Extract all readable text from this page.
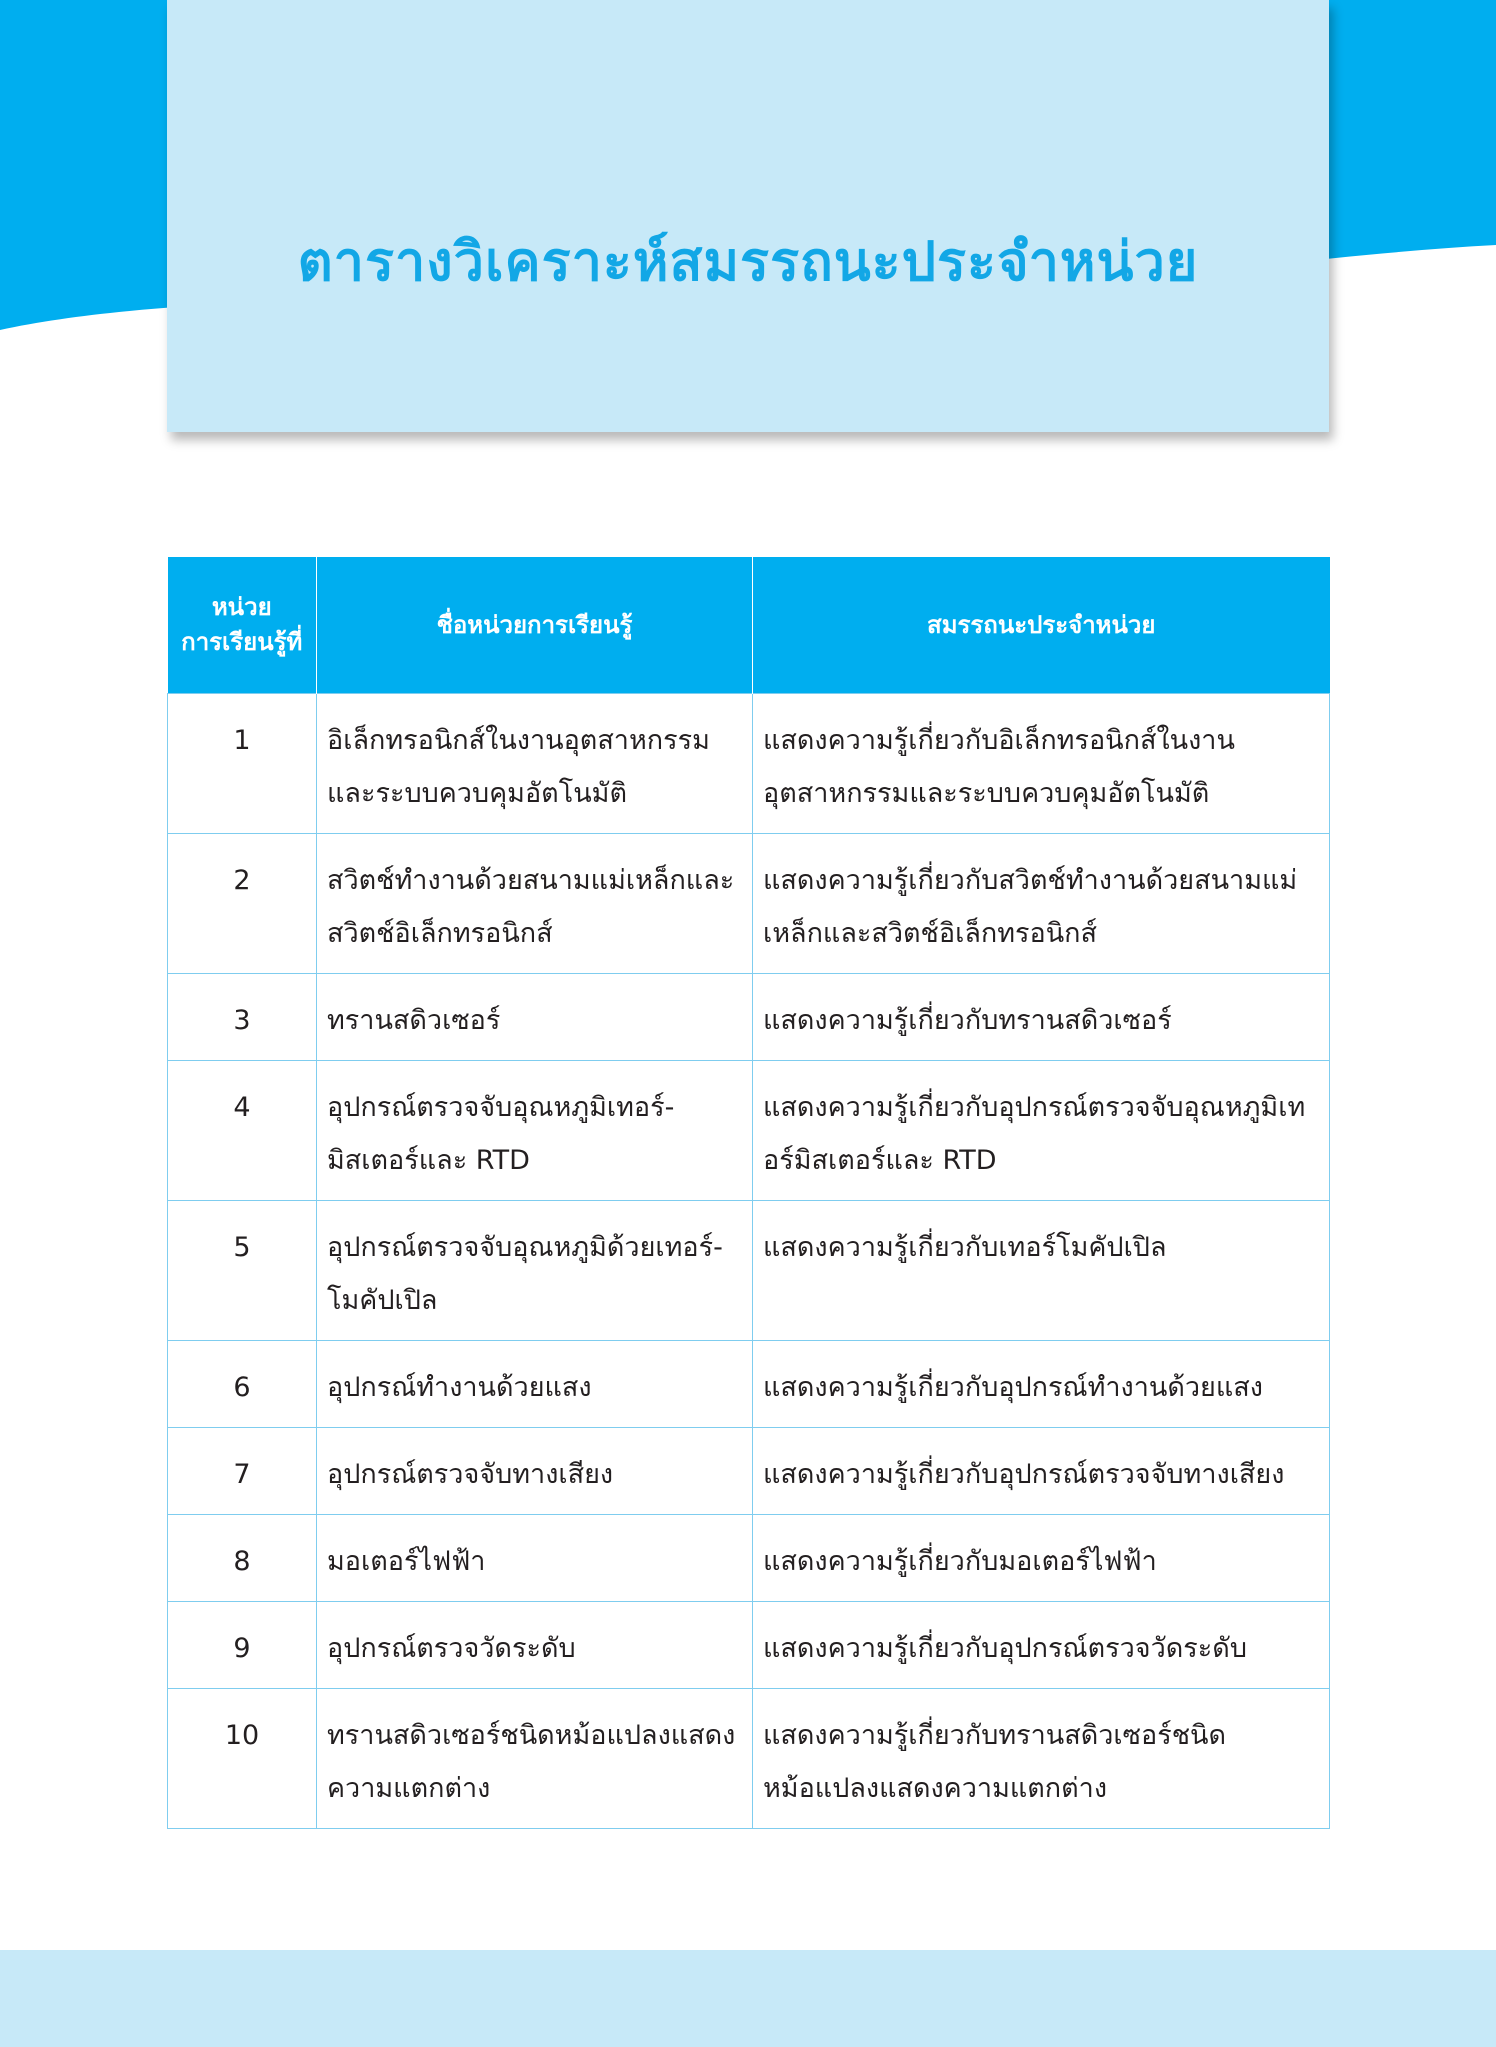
ตารางวิเคราะห์สมรรถนะประจำหน่วย
หน่วย
การเรียนรู้ที่	ชื่อหน่วยการเรียนรู้	สมรรถนะประจำหน่วย
1	อิเล็กทรอนิกส์ในงานอุตสาหกรรมและระบบควบคุมอัตโนมัติ	แสดงความรู้เกี่ยวกับอิเล็กทรอนิกส์ในงานอุตสาหกรรมและระบบควบคุมอัตโนมัติ
2	สวิตช์ทำงานด้วยสนามแม่เหล็กและสวิตช์อิเล็กทรอนิกส์	แสดงความรู้เกี่ยวกับสวิตช์ทำงานด้วยสนามแม่เหล็กและสวิตช์อิเล็กทรอนิกส์
3	ทรานสดิวเซอร์	แสดงความรู้เกี่ยวกับทรานสดิวเซอร์
4	อุปกรณ์ตรวจจับอุณหภูมิเทอร์-มิสเตอร์และ RTD	แสดงความรู้เกี่ยวกับอุปกรณ์ตรวจจับอุณหภูมิเทอร์มิสเตอร์และ RTD
5	อุปกรณ์ตรวจจับอุณหภูมิด้วยเทอร์-โมคัปเปิล	แสดงความรู้เกี่ยวกับเทอร์โมคัปเปิล
6	อุปกรณ์ทำงานด้วยแสง	แสดงความรู้เกี่ยวกับอุปกรณ์ทำงานด้วยแสง
7	อุปกรณ์ตรวจจับทางเสียง	แสดงความรู้เกี่ยวกับอุปกรณ์ตรวจจับทางเสียง
8	มอเตอร์ไฟฟ้า	แสดงความรู้เกี่ยวกับมอเตอร์ไฟฟ้า
9	อุปกรณ์ตรวจวัดระดับ	แสดงความรู้เกี่ยวกับอุปกรณ์ตรวจวัดระดับ
10	ทรานสดิวเซอร์ชนิดหม้อแปลงแสดงความแตกต่าง	แสดงความรู้เกี่ยวกับทรานสดิวเซอร์ชนิดหม้อแปลงแสดงความแตกต่าง
